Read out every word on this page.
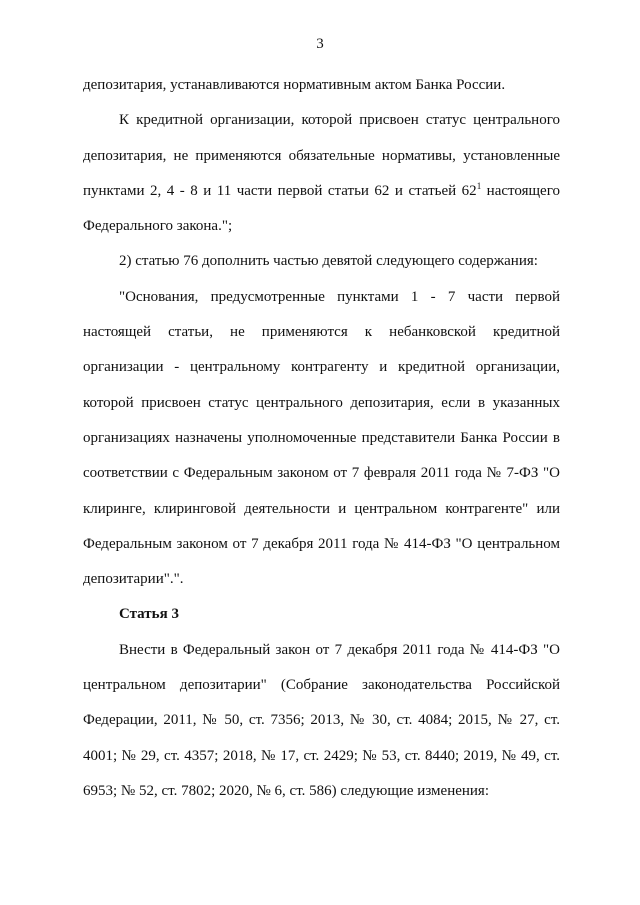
3

депозитария, устанавливаются нормативным актом Банка России.

К кредитной организации, которой присвоен статус центрального депозитария, не применяются обязательные нормативы, установленные пунктами 2, 4 - 8 и 11 части первой статьи 62 и статьей $62^1$ настоящего Федерального закона.";

2) статью 76 дополнить частью девятой следующего содержания:

"Основания, предусмотренные пунктами 1 - 7 части первой настоящей статьи, не применяются к небанковской кредитной организации - центральному контрагенту и кредитной организации, которой присвоен статус центрального депозитария, если в указанных организациях назначены уполномоченные представители Банка России в соответствии с Федеральным законом от 7 февраля 2011 года № 7-ФЗ "О клиринге, клиринговой деятельности и центральном контрагенте" или Федеральным законом от 7 декабря 2011 года № 414-ФЗ "О центральном депозитарии".".

Статья 3

Внести в Федеральный закон от 7 декабря 2011 года № 414-ФЗ "О центральном депозитарии" (Собрание законодательства Российской Федерации, 2011, № 50, ст. 7356; 2013, № 30, ст. 4084; 2015, № 27, ст. 4001; № 29, ст. 4357; 2018, № 17, ст. 2429; № 53, ст. 8440; 2019, № 49, ст. 6953; № 52, ст. 7802; 2020, № 6, ст. 586) следующие изменения:
